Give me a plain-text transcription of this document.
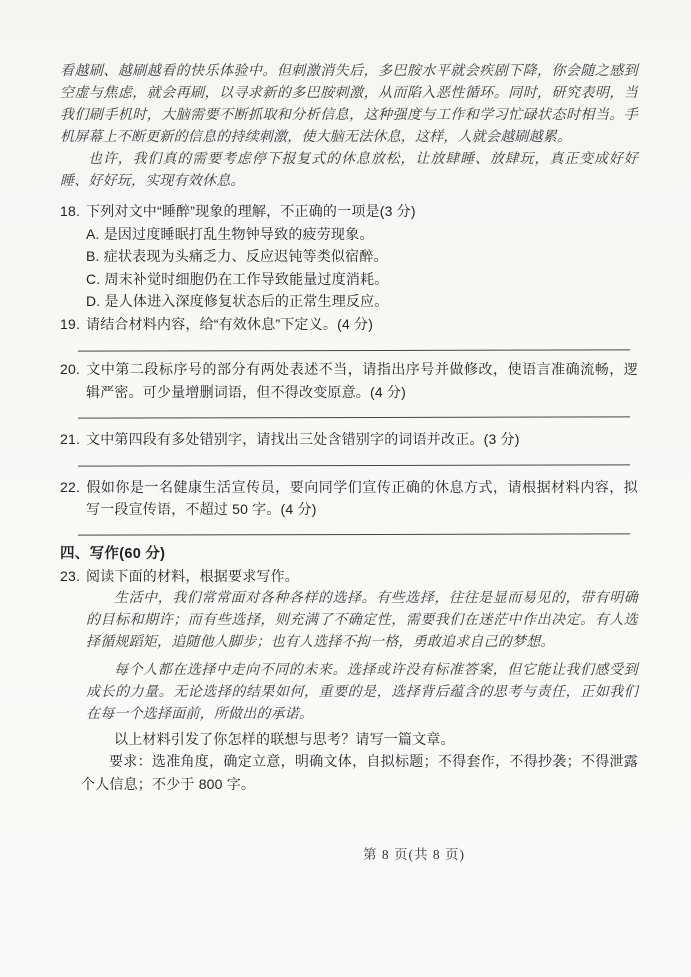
看越刷、越刷越看的快乐体验中。但刺激消失后，多巴胺水平就会疾剧下降，你会随之感到空虚与焦虑，就会再刷，以寻求新的多巴胺刺激，从而陷入恶性循环。同时，研究表明，当我们刷手机时，大脑需要不断抓取和分析信息，这种强度与工作和学习忙碌状态时相当。手机屏幕上不断更新的信息的持续刺激，使大脑无法休息，这样，人就会越刷越累。

也许，我们真的需要考虑停下报复式的休息放松，让放肆睡、放肆玩，真正变成好好睡、好好玩，实现有效休息。

18. 下列对文中“睡醉”现象的理解，不正确的一项是(3 分)
A. 是因过度睡眠打乱生物钟导致的疲劳现象。
B. 症状表现为头痛乏力、反应迟钝等类似宿醉。
C. 周末补觉时细胞仍在工作导致能量过度消耗。
D. 是人体进入深度修复状态后的正常生理反应。
19. 请结合材料内容，给“有效休息”下定义。(4 分)
20. 文中第二段标序号的部分有两处表述不当，请指出序号并做修改，使语言准确流畅，逻辑严密。可少量增删词语，但不得改变原意。(4 分)
21. 文中第四段有多处错别字，请找出三处含错别字的词语并改正。(3 分)
22. 假如你是一名健康生活宣传员，要向同学们宣传正确的休息方式，请根据材料内容，拟写一段宣传语，不超过 50 字。(4 分)
四、写作(60 分)
23. 阅读下面的材料，根据要求写作。
生活中，我们常常面对各种各样的选择。有些选择，往往是显而易见的，带有明确的目标和期许；而有些选择，则充满了不确定性，需要我们在迷茫中作出决定。有人选择循规蹈矩，追随他人脚步；也有人选择不拘一格，勇敢追求自己的梦想。
每个人都在选择中走向不同的未来。选择或许没有标准答案，但它能让我们感受到成长的力量。无论选择的结果如何，重要的是，选择背后蕴含的思考与责任，正如我们在每一个选择面前，所做出的承诺。
以上材料引发了你怎样的联想与思考？请写一篇文章。
要求：选准角度，确定立意，明确文体，自拟标题；不得套作，不得抄袭；不得泄露个人信息；不少于 800 字。
第 8 页(共 8 页)
